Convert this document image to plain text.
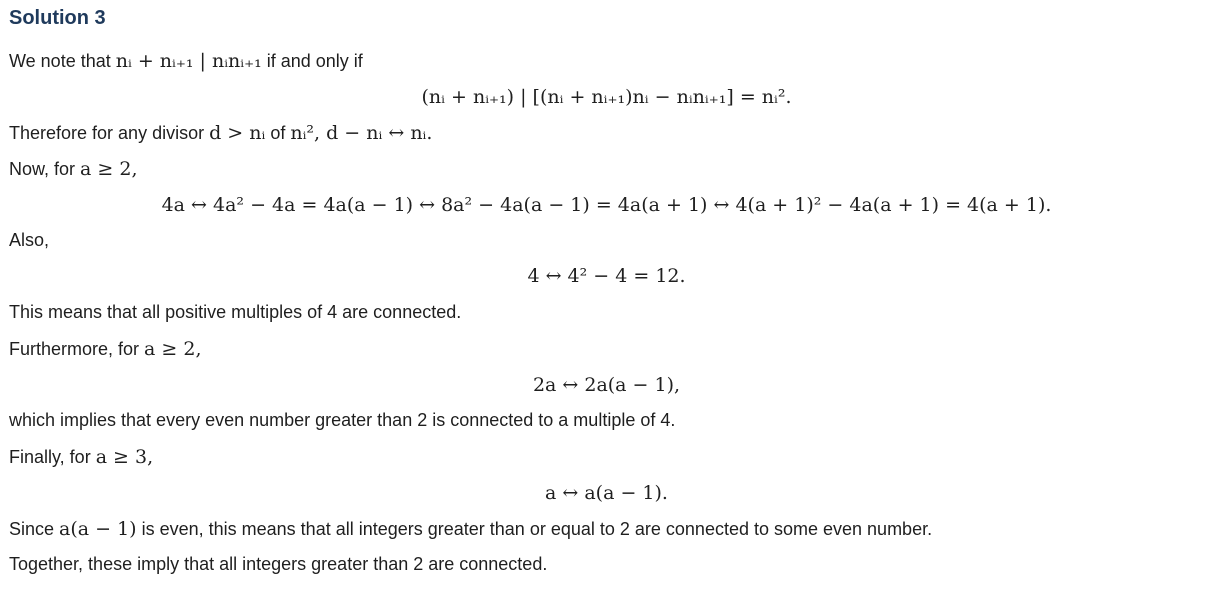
Solution 3
We note that nᵢ + nᵢ₊₁ | nᵢnᵢ₊₁ if and only if
(nᵢ + nᵢ₊₁) | [(nᵢ + nᵢ₊₁)nᵢ − nᵢnᵢ₊₁] = nᵢ².
Therefore for any divisor d > nᵢ of nᵢ², d − nᵢ ↔ nᵢ.
Now, for a ≥ 2,
4a ↔ 4a² − 4a = 4a(a − 1) ↔ 8a² − 4a(a − 1) = 4a(a + 1) ↔ 4(a + 1)² − 4a(a + 1) = 4(a + 1).
Also,
4 ↔ 4² − 4 = 12.
This means that all positive multiples of 4 are connected.
Furthermore, for a ≥ 2,
2a ↔ 2a(a − 1),
which implies that every even number greater than 2 is connected to a multiple of 4.
Finally, for a ≥ 3,
a ↔ a(a − 1).
Since a(a − 1) is even, this means that all integers greater than or equal to 2 are connected to some even number.
Together, these imply that all integers greater than 2 are connected.
